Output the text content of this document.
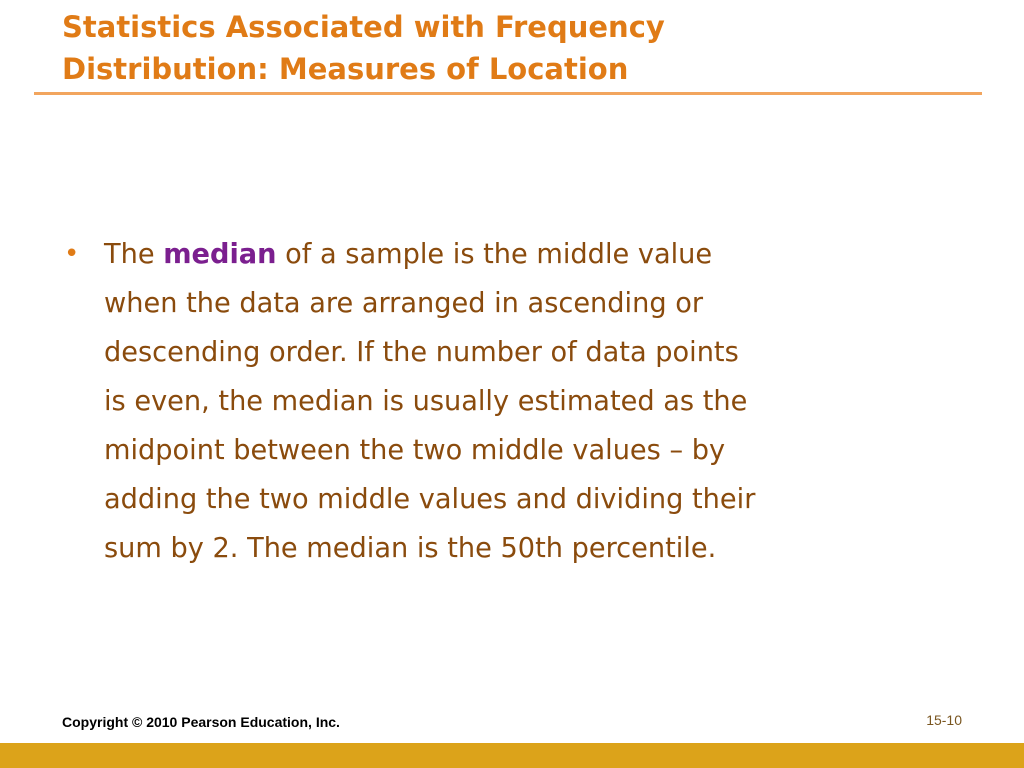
Statistics Associated with Frequency
Distribution: Measures of Location
• The median of a sample is the middle value
when the data are arranged in ascending or
descending order. If the number of data points
is even, the median is usually estimated as the
midpoint between the two middle values – by
adding the two middle values and dividing their
sum by 2. The median is the 50th percentile.
Copyright © 2010 Pearson Education, Inc.	15-10
